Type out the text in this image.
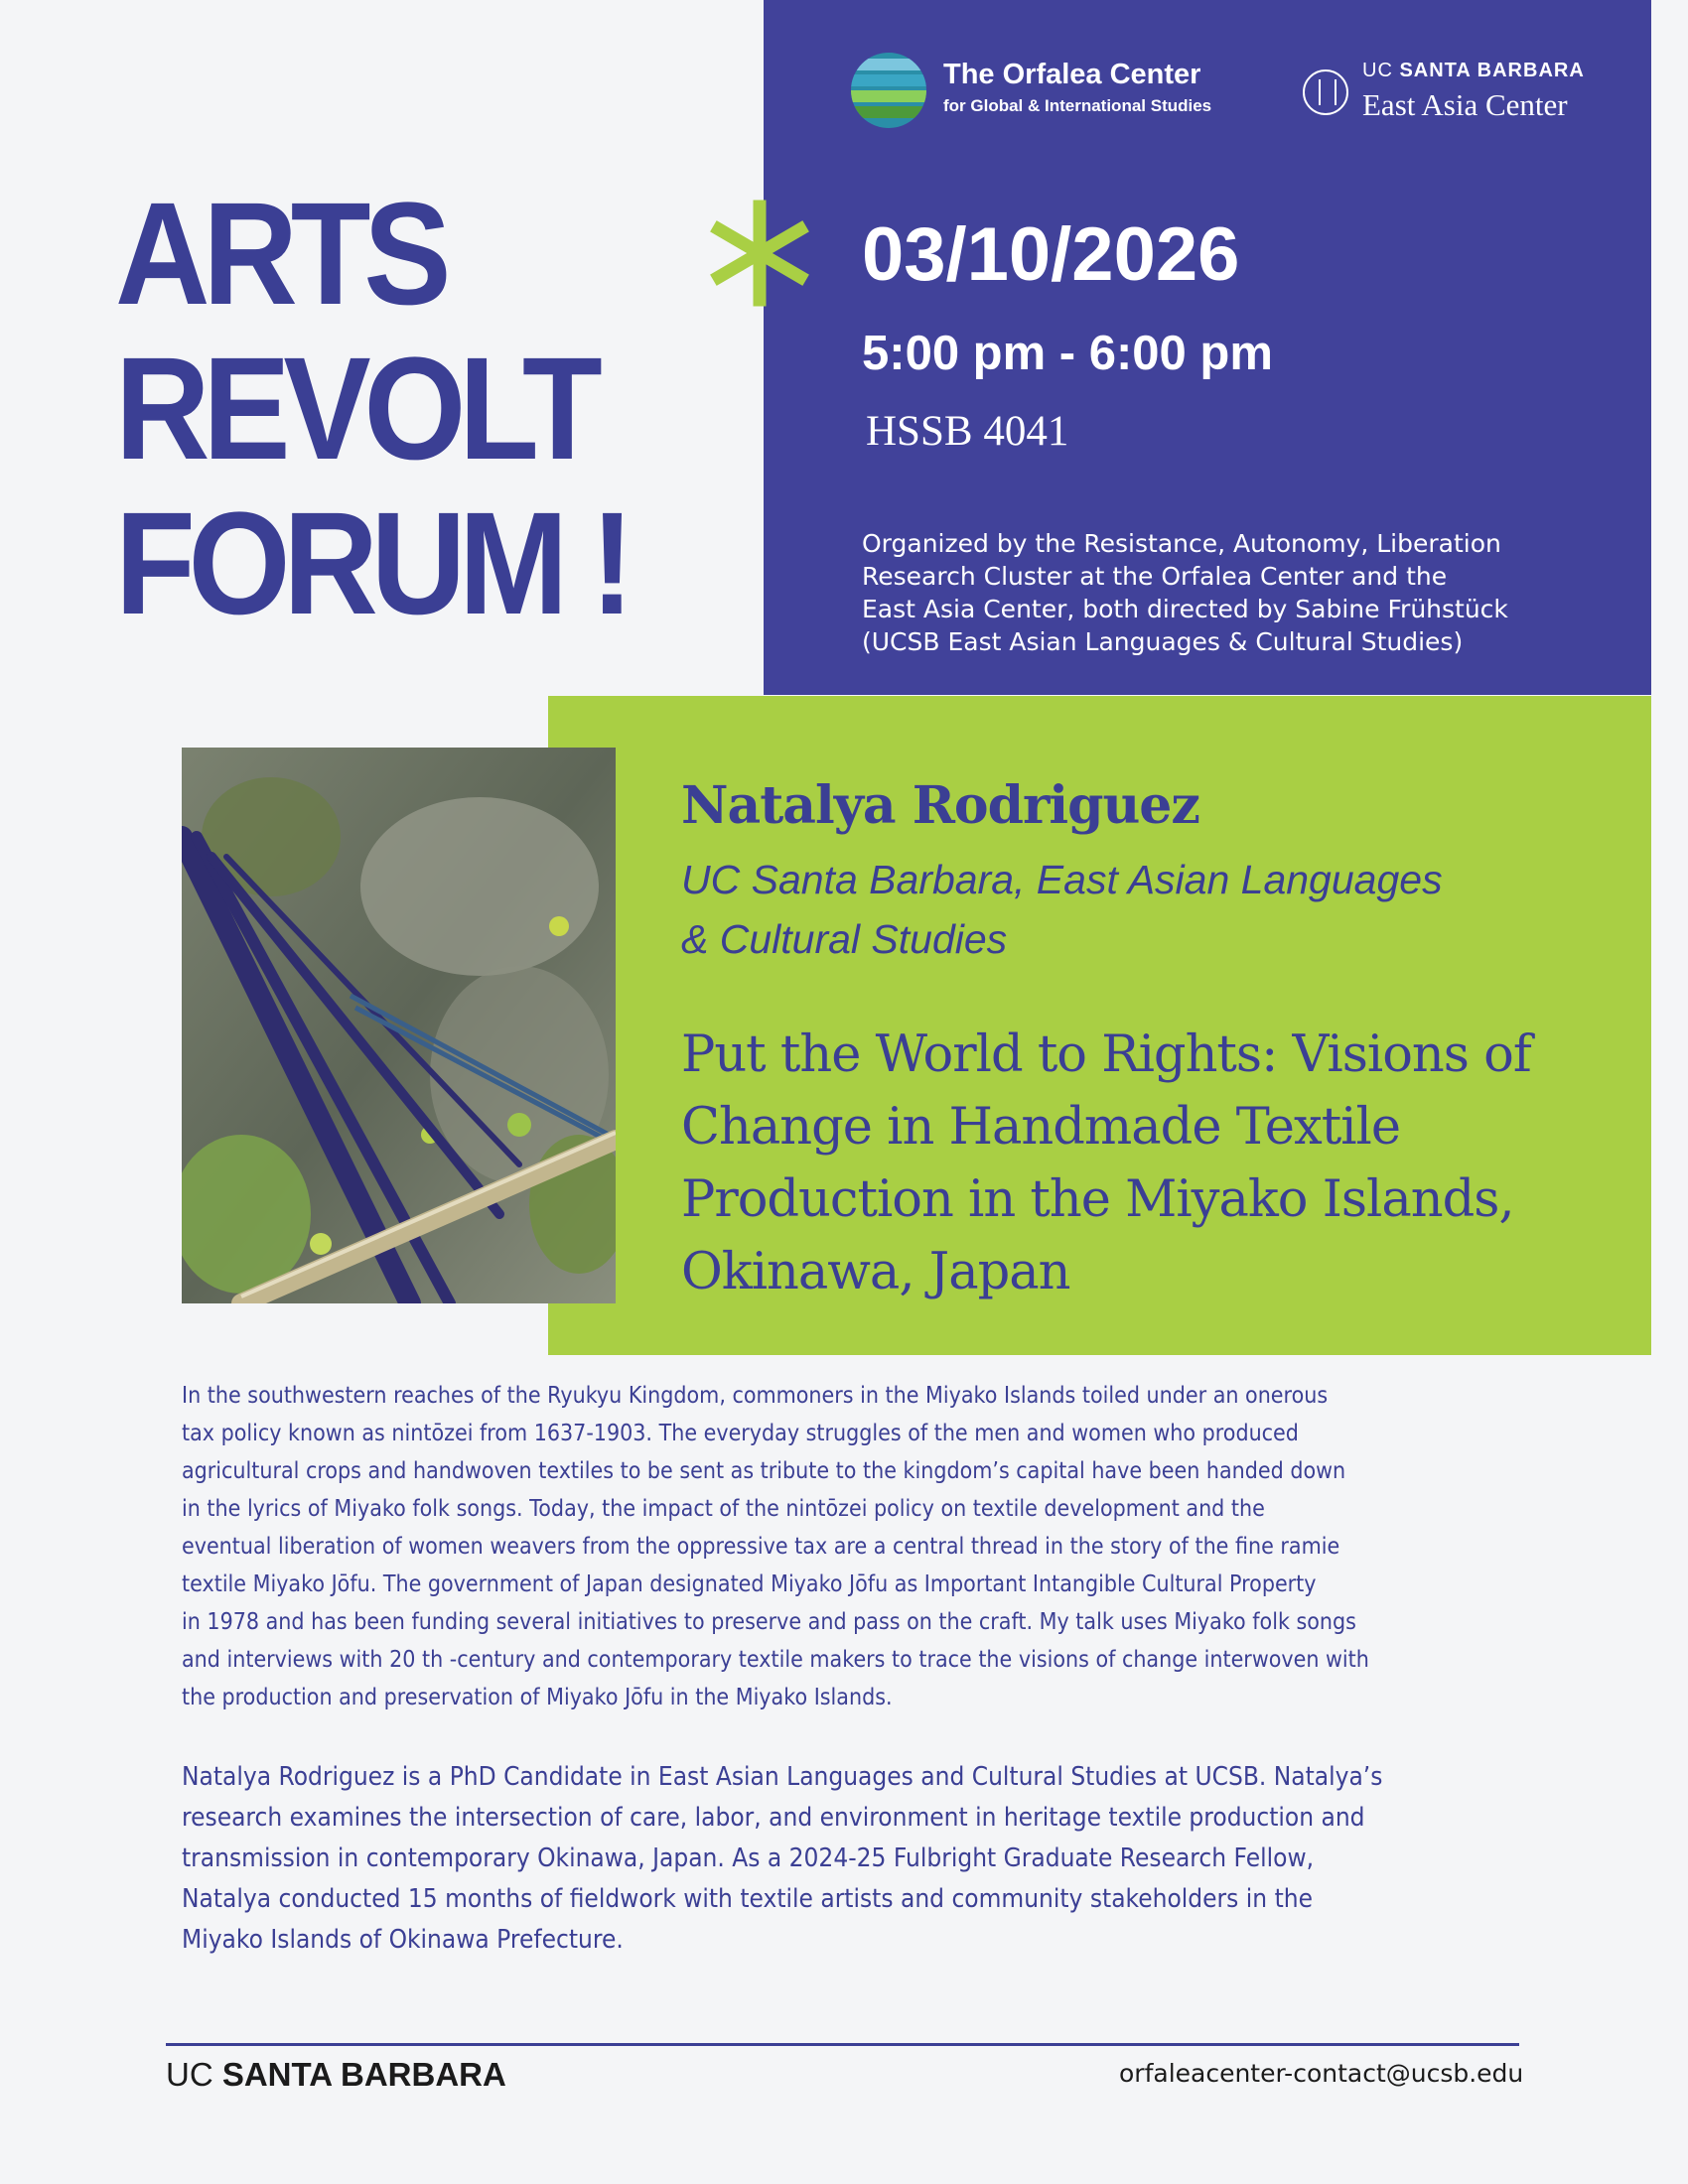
The Orfalea Center
for Global & International Studies
UC SANTA BARBARA
East Asia Center
ARTS
REVOLT
FORUM !
03/10/2026
5:00 pm - 6:00 pm
HSSB 4041
Organized by the Resistance, Autonomy, Liberation
Research Cluster at the Orfalea Center and the
East Asia Center, both directed by Sabine Frühstück
(UCSB East Asian Languages & Cultural Studies)
Natalya Rodriguez
UC Santa Barbara, East Asian Languages
& Cultural Studies
Put the World to Rights: Visions of
Change in Handmade Textile
Production in the Miyako Islands,
Okinawa, Japan
In the southwestern reaches of the Ryukyu Kingdom, commoners in the Miyako Islands toiled under an onerous
tax policy known as nintōzei from 1637-1903. The everyday struggles of the men and women who produced
agricultural crops and handwoven textiles to be sent as tribute to the kingdom’s capital have been handed down
in the lyrics of Miyako folk songs. Today, the impact of the nintōzei policy on textile development and the
eventual liberation of women weavers from the oppressive tax are a central thread in the story of the fine ramie
textile Miyako Jōfu. The government of Japan designated Miyako Jōfu as Important Intangible Cultural Property
in 1978 and has been funding several initiatives to preserve and pass on the craft. My talk uses Miyako folk songs
and interviews with 20 th -century and contemporary textile makers to trace the visions of change interwoven with
the production and preservation of Miyako Jōfu in the Miyako Islands.
Natalya Rodriguez is a PhD Candidate in East Asian Languages and Cultural Studies at UCSB. Natalya’s
research examines the intersection of care, labor, and environment in heritage textile production and
transmission in contemporary Okinawa, Japan. As a 2024-25 Fulbright Graduate Research Fellow,
Natalya conducted 15 months of fieldwork with textile artists and community stakeholders in the
Miyako Islands of Okinawa Prefecture.
UC SANTA BARBARA	orfaleacenter-contact@ucsb.edu
